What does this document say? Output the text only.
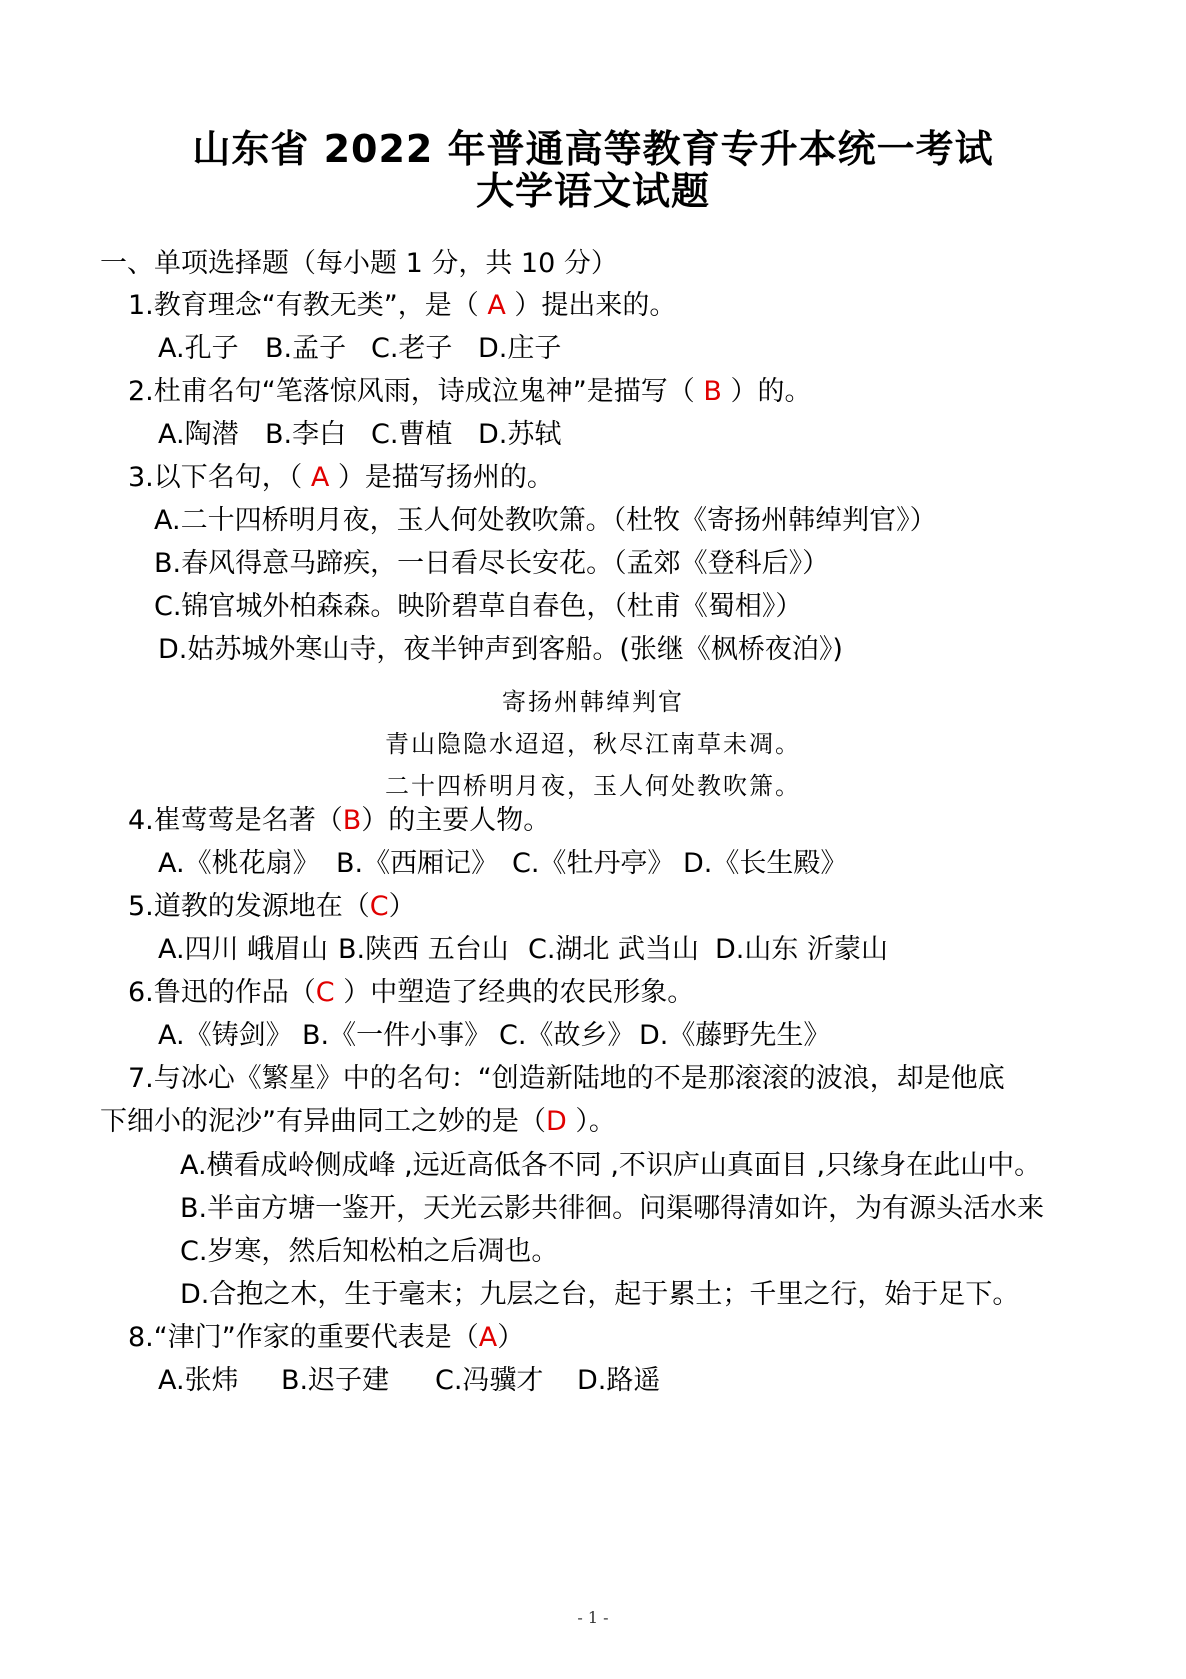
山东省 2022 年普通高等教育专升本统一考试
大学语文试题
一、单项选择题（每小题 1 分，共 10 分）
1.教育理念“有教无类”，是（ A ）提出来的。
A.孔子 B.孟子 C.老子 D.庄子
2.杜甫名句“笔落惊风雨，诗成泣鬼神”是描写（ B ）的。
A.陶潜 B.李白 C.曹植 D.苏轼
3.以下名句，（ A ）是描写扬州的。
A.二十四桥明月夜，玉人何处教吹箫。（杜牧《寄扬州韩绰判官》）
B.春风得意马蹄疾，一日看尽长安花。（孟郊《登科后》）
C.锦官城外柏森森。映阶碧草自春色，（杜甫《蜀相》）
D.姑苏城外寒山寺，夜半钟声到客船。(张继《枫桥夜泊》)
寄扬州韩绰判官
青山隐隐水迢迢，秋尽江南草未凋。
二十四桥明月夜，玉人何处教吹箫。
4.崔莺莺是名著（B）的主要人物。
A.《桃花扇》 B.《西厢记》 C.《牡丹亭》 D.《长生殿》
5.道教的发源地在（C）
A.四川 峨眉山 B.陕西 五台山 C.湖北 武当山 D.山东 沂蒙山
6.鲁迅的作品（C ）中塑造了经典的农民形象。
A.《铸剑》 B.《一件小事》 C.《故乡》 D.《藤野先生》
7.与冰心《繁星》中的名句：“创造新陆地的不是那滚滚的波浪，却是他底
下细小的泥沙”有异曲同工之妙的是（D ）。
A.横看成岭侧成峰 ,远近高低各不同 ,不识庐山真面目 ,只缘身在此山中。
B.半亩方塘一鉴开，天光云影共徘徊。问渠哪得清如许，为有源头活水来
C.岁寒，然后知松柏之后凋也。
D.合抱之木，生于毫末；九层之台，起于累土；千里之行，始于足下。
8.“津门”作家的重要代表是（A）
A.张炜 B.迟子建 C.冯骥才 D.路遥
- 1 -
